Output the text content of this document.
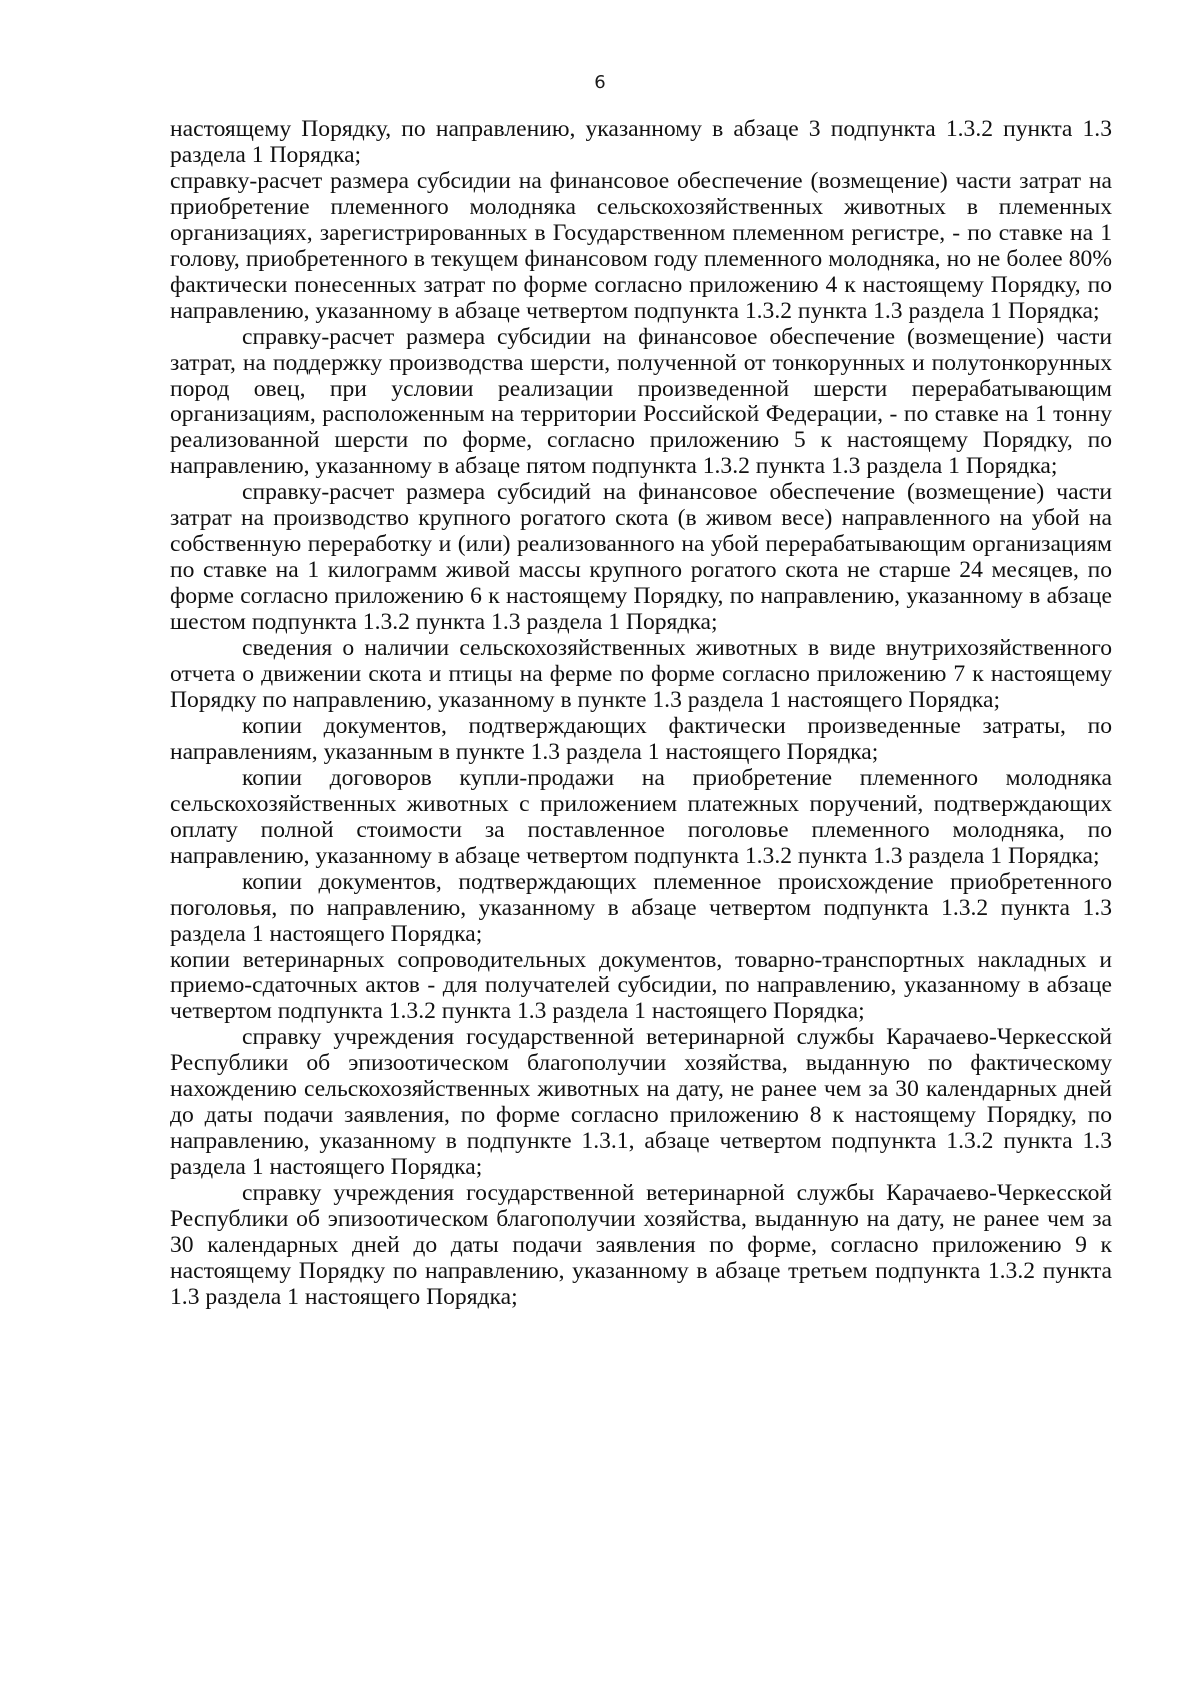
6

настоящему Порядку, по направлению, указанному в абзаце 3 подпункта 1.3.2 пункта 1.3 раздела 1 Порядка;

справку-расчет размера субсидии на финансовое обеспечение (возмещение) части затрат на приобретение племенного молодняка сельскохозяйственных животных в племенных организациях, зарегистрированных в Государственном племенном регистре, - по ставке на 1 голову, приобретенного в текущем финансовом году племенного молодняка, но не более 80% фактически понесенных затрат по форме согласно приложению 4 к настоящему Порядку, по направлению, указанному в абзаце четвертом подпункта 1.3.2 пункта 1.3 раздела 1 Порядка;

справку-расчет размера субсидии на финансовое обеспечение (возмещение) части затрат, на поддержку производства шерсти, полученной от тонкорунных и полутонкорунных пород овец, при условии реализации произведенной шерсти перерабатывающим организациям, расположенным на территории Российской Федерации, - по ставке на 1 тонну реализованной шерсти по форме, согласно приложению 5 к настоящему Порядку, по направлению, указанному в абзаце пятом подпункта 1.3.2 пункта 1.3 раздела 1 Порядка;

справку-расчет размера субсидий на финансовое обеспечение (возмещение) части затрат на производство крупного рогатого скота (в живом весе) направленного на убой на собственную переработку и (или) реализованного на убой перерабатывающим организациям по ставке на 1 килограмм живой массы крупного рогатого скота не старше 24 месяцев, по форме согласно приложению 6 к настоящему Порядку, по направлению, указанному в абзаце шестом подпункта 1.3.2 пункта 1.3 раздела 1 Порядка;

сведения о наличии сельскохозяйственных животных в виде внутрихозяйственного отчета о движении скота и птицы на ферме по форме согласно приложению 7 к настоящему Порядку по направлению, указанному в пункте 1.3 раздела 1 настоящего Порядка;

копии документов, подтверждающих фактически произведенные затраты, по направлениям, указанным в пункте 1.3 раздела 1 настоящего Порядка;

копии договоров купли-продажи на приобретение племенного молодняка сельскохозяйственных животных с приложением платежных поручений, подтверждающих оплату полной стоимости за поставленное поголовье племенного молодняка, по направлению, указанному в абзаце четвертом подпункта 1.3.2 пункта 1.3 раздела 1 Порядка;

копии документов, подтверждающих племенное происхождение приобретенного поголовья, по направлению, указанному в абзаце четвертом подпункта 1.3.2 пункта 1.3 раздела 1 настоящего Порядка;

копии ветеринарных сопроводительных документов, товарно-транспортных накладных и приемо-сдаточных актов - для получателей субсидии, по направлению, указанному в абзаце четвертом подпункта 1.3.2 пункта 1.3 раздела 1 настоящего Порядка;

справку учреждения государственной ветеринарной службы Карачаево-Черкесской Республики об эпизоотическом благополучии хозяйства, выданную по фактическому нахождению сельскохозяйственных животных на дату, не ранее чем за 30 календарных дней до даты подачи заявления, по форме согласно приложению 8 к настоящему Порядку, по направлению, указанному в подпункте 1.3.1, абзаце четвертом подпункта 1.3.2 пункта 1.3 раздела 1 настоящего Порядка;

справку учреждения государственной ветеринарной службы Карачаево-Черкесской Республики об эпизоотическом благополучии хозяйства, выданную на дату, не ранее чем за 30 календарных дней до даты подачи заявления по форме, согласно приложению 9 к настоящему Порядку по направлению, указанному в абзаце третьем подпункта 1.3.2 пункта 1.3 раздела 1 настоящего Порядка;
